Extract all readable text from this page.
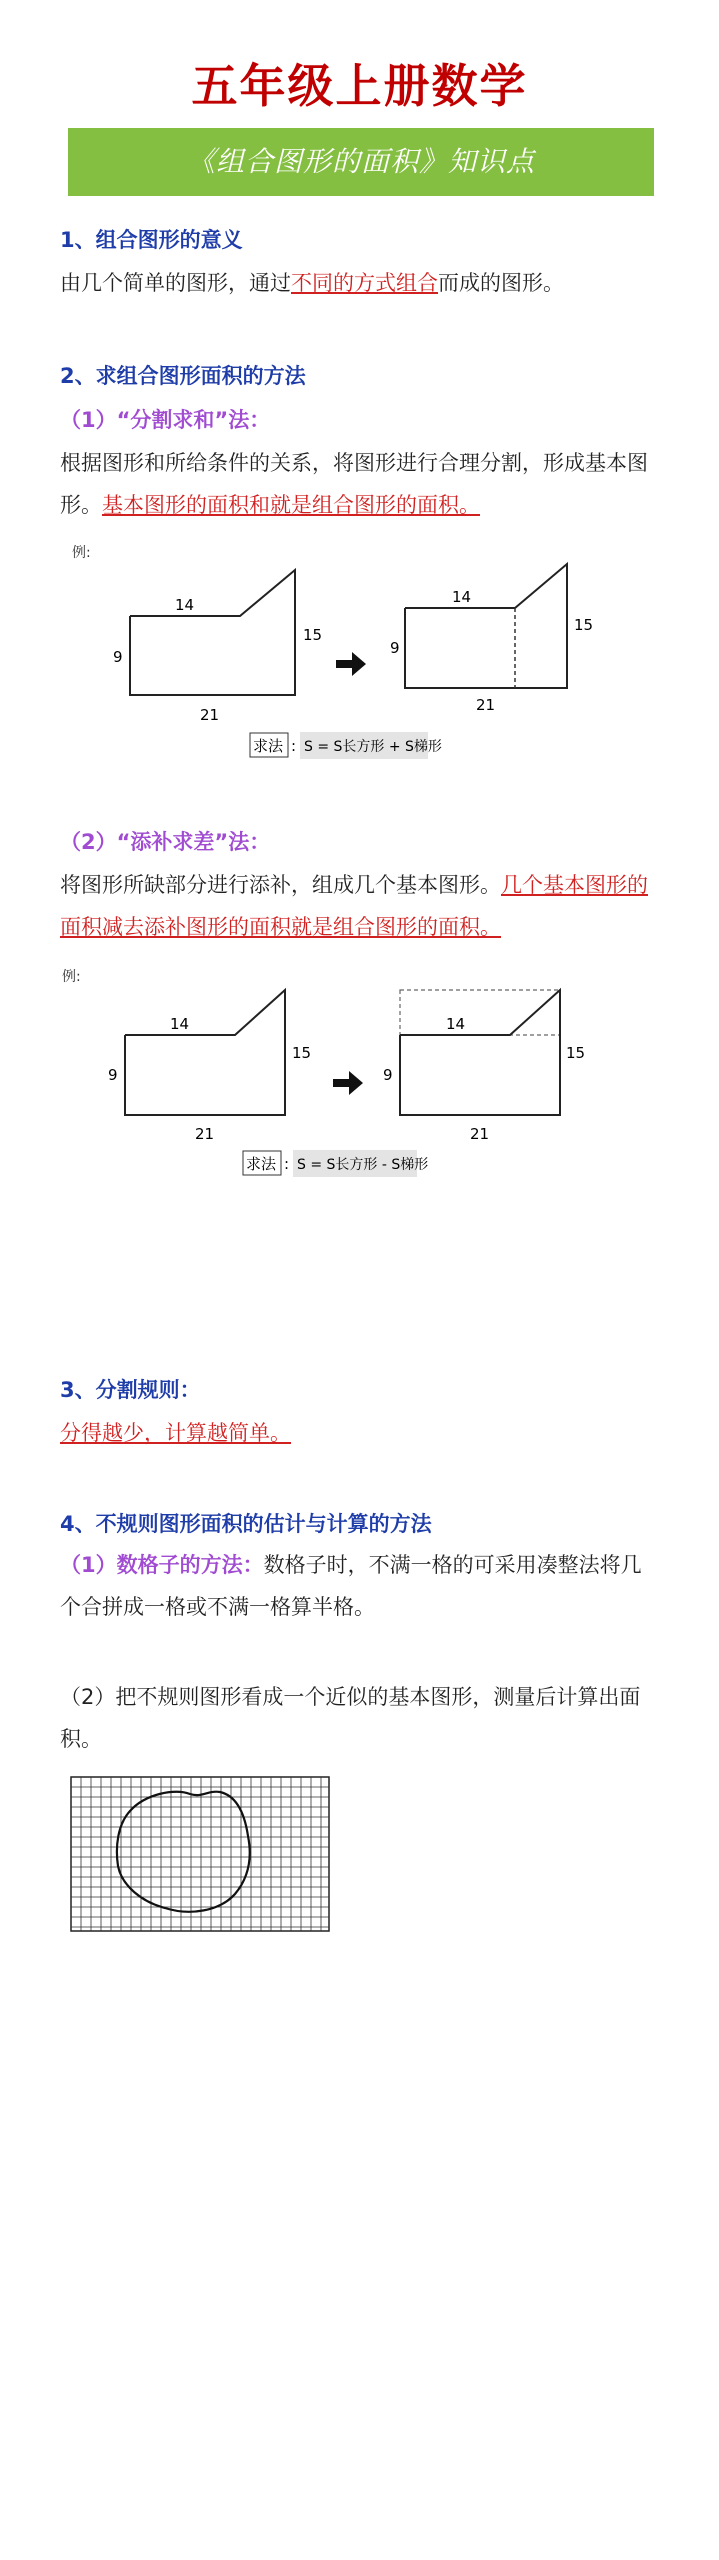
五年级上册数学
《组合图形的面积》知识点
1、组合图形的意义
由几个简单的图形，通过不同的方式组合而成的图形。
2、求组合图形面积的方法
（1）“分割求和”法：
根据图形和所给条件的关系，将图形进行合理分割，形成基本图形。基本图形的面积和就是组合图形的面积。
例:
14
9
15
21
14
9
15
21
求法 : S = S长方形 + S梯形
（2）“添补求差”法：
将图形所缺部分进行添补，组成几个基本图形。几个基本图形的面积减去添补图形的面积就是组合图形的面积。
例:
14
9
15
21
14
9
15
21
求法 : S = S长方形 - S梯形
3、分割规则：
分得越少，计算越简单。
4、不规则图形面积的估计与计算的方法
（1）数格子的方法：数格子时，不满一格的可采用凑整法将几个合拼成一格或不满一格算半格。
（2）把不规则图形看成一个近似的基本图形，测量后计算出面积。
